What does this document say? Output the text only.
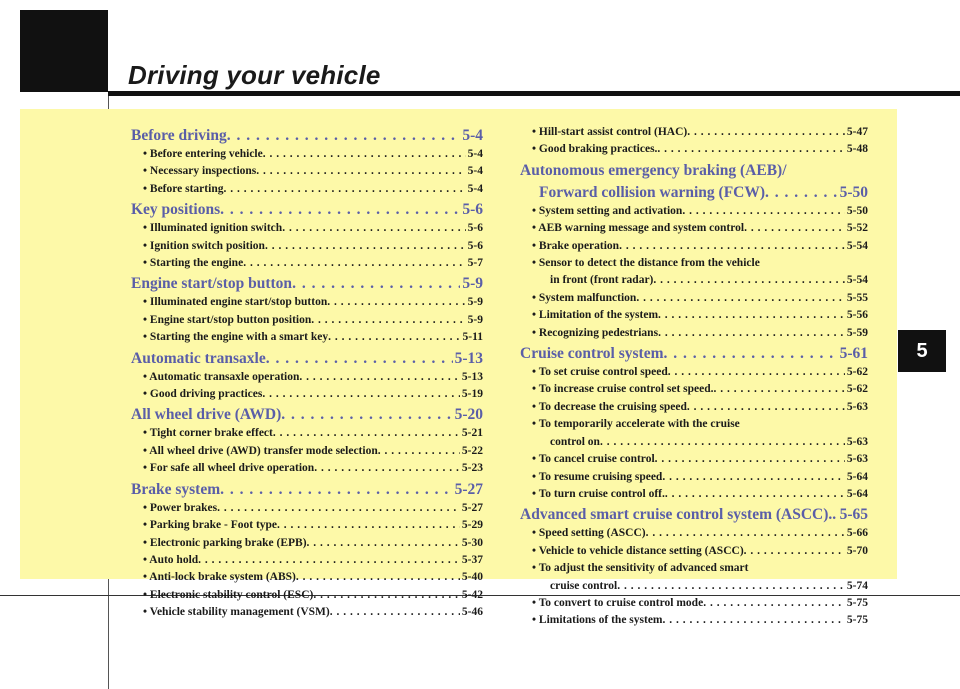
Driving your vehicle
5
Before driving . . .	5-4
• Before entering vehicle . . .	5-4
• Necessary inspections . . .	5-4
• Before starting . . .	5-4
Key positions . . .	5-6
• Illuminated ignition switch . . .	5-6
• Ignition switch position . . .	5-6
• Starting the engine . . .	5-7
Engine start/stop button . . .	5-9
• Illuminated engine start/stop button . . .	5-9
• Engine start/stop button position . . .	5-9
• Starting the engine with a smart key . . .	5-11
Automatic transaxle . . .	5-13
• Automatic transaxle operation . . .	5-13
• Good driving practices . . .	5-19
All wheel drive (AWD) . . .	5-20
• Tight corner brake effect . . .	5-21
• All wheel drive (AWD) transfer mode selection . . .	5-22
• For safe all wheel drive operation . . .	5-23
Brake system . . .	5-27
• Power brakes . . .	5-27
• Parking brake - Foot type . . .	5-29
• Electronic parking brake (EPB) . . .	5-30
• Auto hold . . .	5-37
• Anti-lock brake system (ABS) . . .	5-40
• Electronic stability control (ESC) . . .	5-42
• Vehicle stability management (VSM) . . .	5-46
• Hill-start assist control (HAC) . . .	5-47
• Good braking practices. . . .	5-48
Autonomous emergency braking (AEB)/
Forward collision warning (FCW) . . .	5-50
• System setting and activation . . .	5-50
• AEB warning message and system control . . .	5-52
• Brake operation . . .	5-54
• Sensor to detect the distance from the vehicle
in front (front radar) . . .	5-54
• System malfunction . . .	5-55
• Limitation of the system . . .	5-56
• Recognizing pedestrians . . .	5-59
Cruise control system . . .	5-61
• To set cruise control speed . . .	5-62
• To increase cruise control set speed. . . .	5-62
• To decrease the cruising speed . . .	5-63
• To temporarily accelerate with the cruise
control on . . .	5-63
• To cancel cruise control . . .	5-63
• To resume cruising speed . . .	5-64
• To turn cruise control off. . . .	5-64
Advanced smart cruise control system (ASCC). . . . 5-65
• Speed setting (ASCC) . . .	5-66
• Vehicle to vehicle distance setting (ASCC) . . .	5-70
• To adjust the sensitivity of advanced smart
cruise control . . .	5-74
• To convert to cruise control mode . . .	5-75
• Limitations of the system . . .	5-75
